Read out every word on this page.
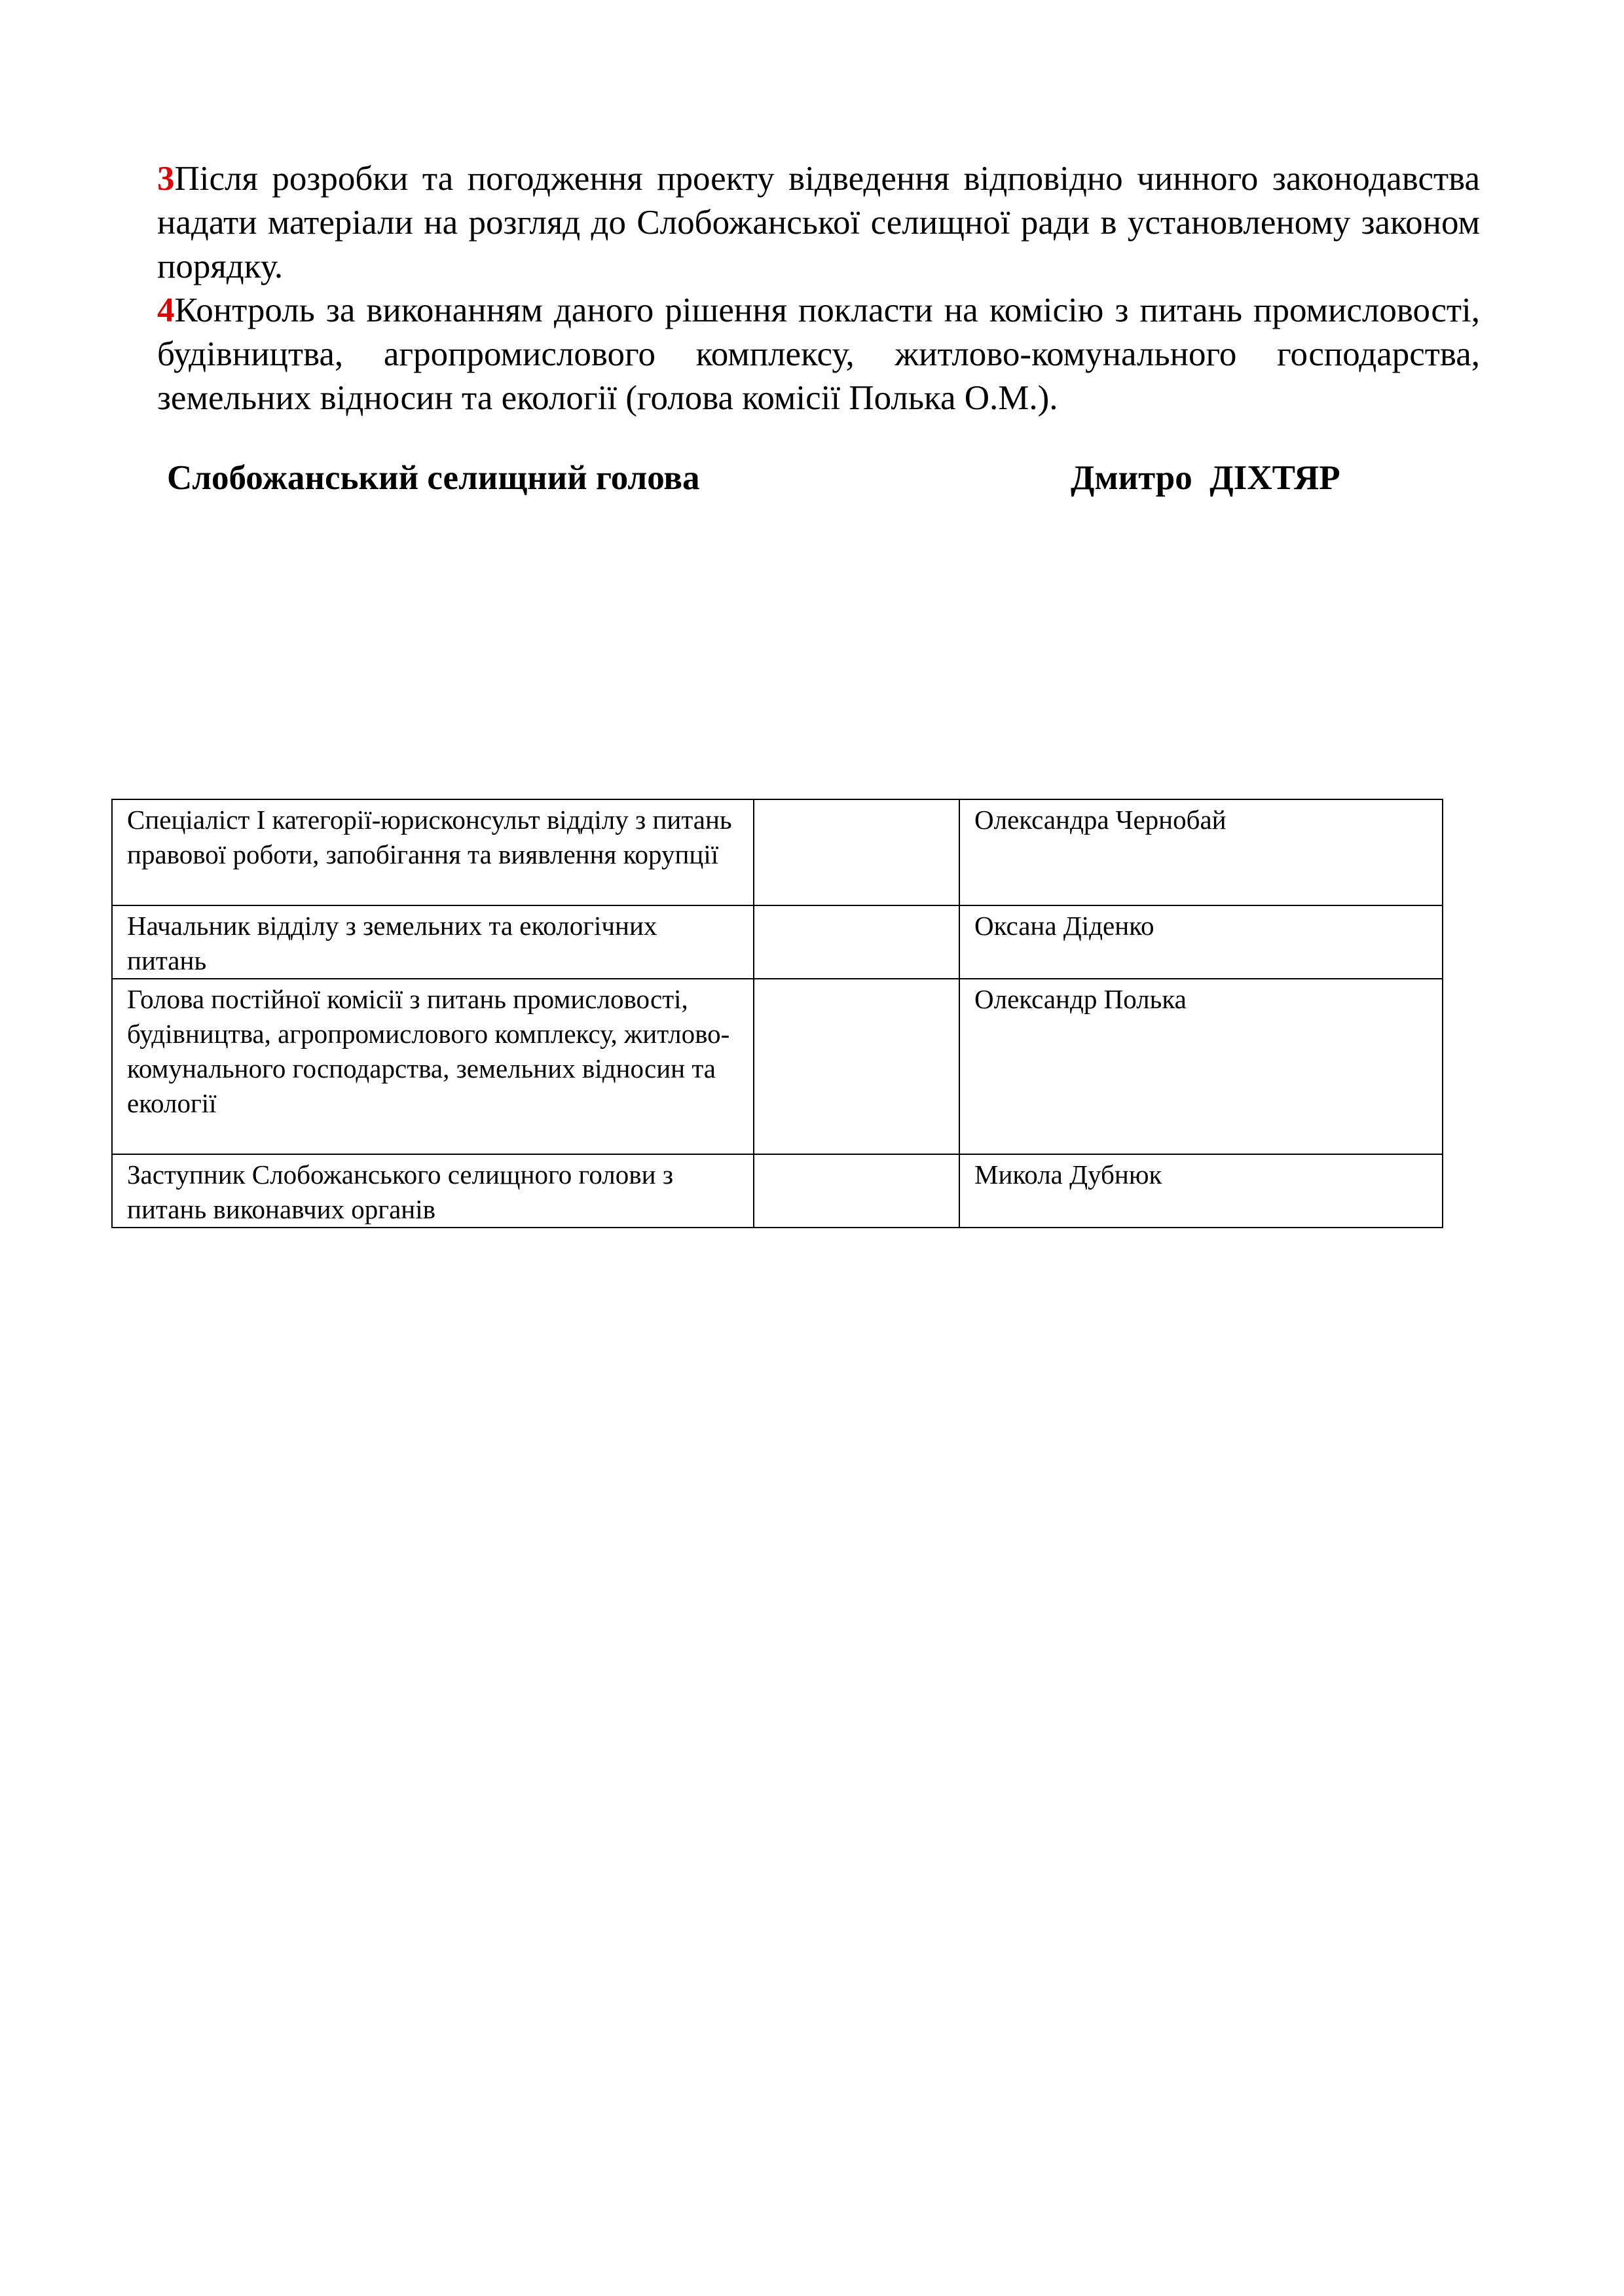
3Після розробки та погодження проекту відведення відповідно чинного законодавства надати матеріали на розгляд до Слобожанської селищної ради в установленому законом порядку.

4Контроль за виконанням даного рішення покласти на комісію з питань промисловості, будівництва, агропромислового комплексу, житлово-комунального господарства, земельних відносин та екології (голова комісії Полька О.М.).

Слобожанський селищний голова	Дмитро  ДІХТЯР
Спеціаліст І категорії-юрисконсульт відділу з питань правової роботи, запобігання та виявлення корупції		Олександра Чернобай
Начальник відділу з земельних та екологічних питань		Оксана Діденко
Голова постійної комісії з питань промисловості, будівництва, агропромислового комплексу, житлово-комунального господарства, земельних відносин та екології		Олександр Полька
Заступник Слобожанського селищного голови з питань виконавчих органів		Микола Дубнюк
